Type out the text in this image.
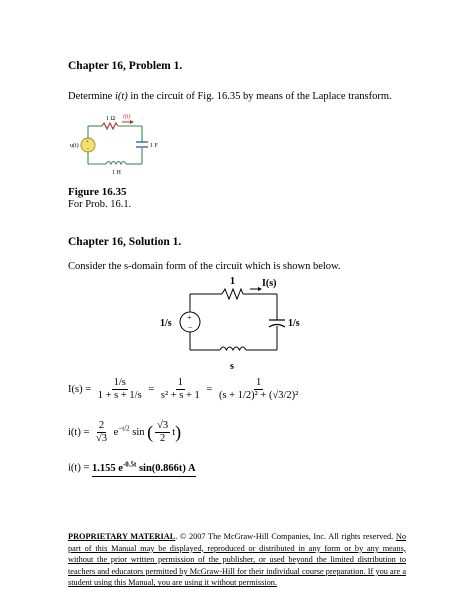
Chapter 16, Problem 1.
Determine i(t) in the circuit of Fig. 16.35 by means of the Laplace transform.
+
−
1 Ω i(t)
u(t)	1 F
1 H
Figure 16.35
For Prob. 16.1.
Chapter 16, Solution 1.
Consider the s-domain form of the circuit which is shown below.
+
−
1	I(s)
1/s	1/s
s
$I(s) = \frac{1/s}{1 + s + 1/s} = \frac{1}{\text{s² + s + 1}} = \frac{1}{\text{(s + 1/2)² + (√3/2)²}}$
$i(t) = \frac{2}{√3} e^{-t/2}$ sin ( $\frac{√3}{2} t$)
i(t) = 1.155 $e^{-0.5t}$ sin(0.866t) A
PROPRIETARY MATERIAL. © 2007 The McGraw-Hill Companies, Inc. All rights reserved. No part of this Manual may be displayed, reproduced or distributed in any form or by any means, without the prior written permission of the publisher, or used beyond the limited distribution to teachers and educators permitted by McGraw-Hill for their individual course preparation. If you are a student using this Manual, you are using it without permission.
